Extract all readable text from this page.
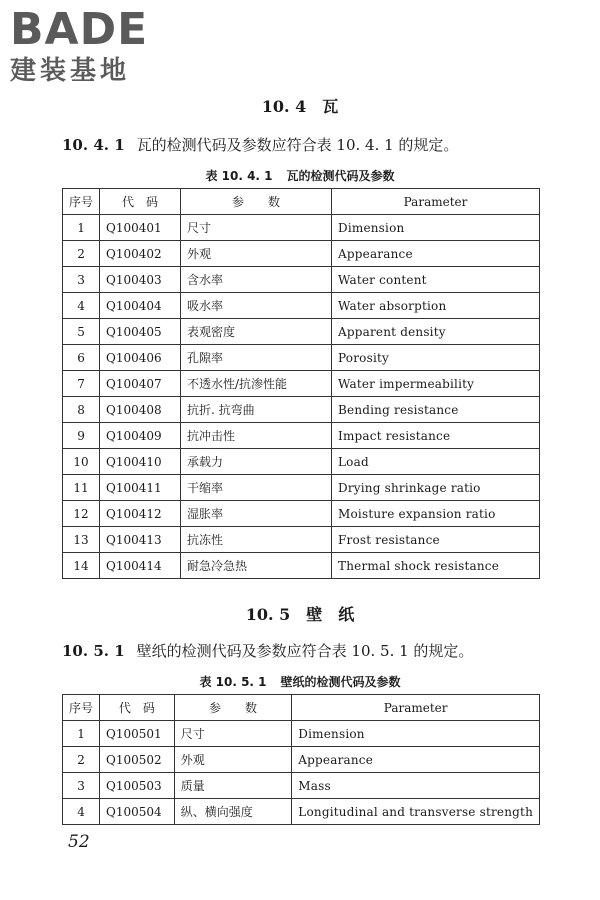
BADE
建装基地
10. 4 瓦
10. 4. 1 瓦的检测代码及参数应符合表 10. 4. 1 的规定。
表 10. 4. 1 瓦的检测代码及参数
序号	代　码	参　　数	Parameter
1	Q100401	尺寸	Dimension
2	Q100402	外观	Appearance
3	Q100403	含水率	Water content
4	Q100404	吸水率	Water absorption
5	Q100405	表观密度	Apparent density
6	Q100406	孔隙率	Porosity
7	Q100407	不透水性/抗渗性能	Water impermeability
8	Q100408	抗折. 抗弯曲	Bending resistance
9	Q100409	抗冲击性	Impact resistance
10	Q100410	承载力	Load
11	Q100411	干缩率	Drying shrinkage ratio
12	Q100412	湿胀率	Moisture expansion ratio
13	Q100413	抗冻性	Frost resistance
14	Q100414	耐急冷急热	Thermal shock resistance
10. 5 壁　纸
10. 5. 1 壁纸的检测代码及参数应符合表 10. 5. 1 的规定。
表 10. 5. 1 壁纸的检测代码及参数
序号	代　码	参　　数	Parameter
1	Q100501	尺寸	Dimension
2	Q100502	外观	Appearance
3	Q100503	质量	Mass
4	Q100504	纵、横向强度	Longitudinal and transverse strength
52
